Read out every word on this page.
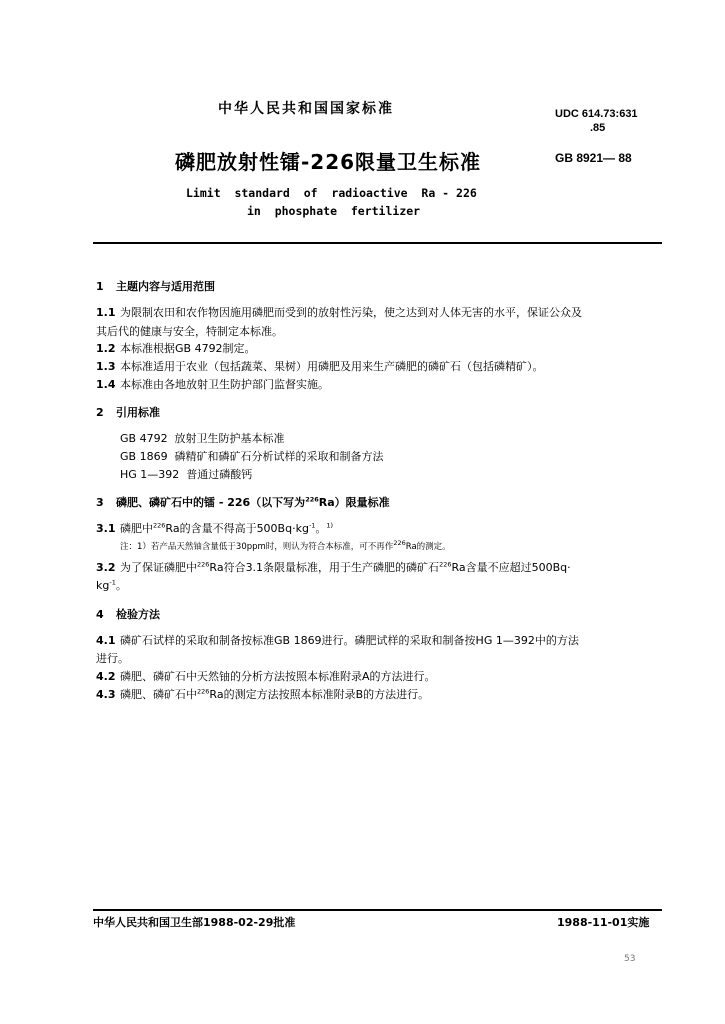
中华人民共和国国家标准	UDC 614.73:631
.85
磷肥放射性镭-226限量卫生标准	GB 8921— 88
Limit  standard  of  radioactive  Ra - 226
in  phosphate  fertilizer
1 主题内容与适用范围
1.1 为限制农田和农作物因施用磷肥而受到的放射性污染，使之达到对人体无害的水平，保证公众及
其后代的健康与安全，特制定本标准。
1.2 本标准根据GB 4792制定。
1.3 本标准适用于农业（包括蔬菜、果树）用磷肥及用来生产磷肥的磷矿石（包括磷精矿）。
1.4 本标准由各地放射卫生防护部门监督实施。
2 引用标准
GB 4792  放射卫生防护基本标准
GB 1869  磷精矿和磷矿石分析试样的采取和制备方法
HG 1—392  普通过磷酸钙
3 磷肥、磷矿石中的镭 - 226（以下写为$^{226}$Ra）限量标准
3.1 磷肥中$^{226}$Ra的含量不得高于$500Bq\cdot kg^{-1}$。$^{1)}$
注：1）若产品天然铀含量低于30ppm时，则认为符合本标准，可不再作$^{226}$Ra的测定。
3.2 为了保证磷肥中$^{226}$Ra符合3.1条限量标准，用于生产磷肥的磷矿石$^{226}$Ra含量不应超过500Bq·
$kg^{-1}$。
4 检验方法
4.1 磷矿石试样的采取和制备按标准GB 1869进行。磷肥试样的采取和制备按HG 1—392中的方法
进行。
4.2 磷肥、磷矿石中天然铀的分析方法按照本标准附录A的方法进行。
4.3 磷肥、磷矿石中$^{226}$Ra的测定方法按照本标准附录B的方法进行。
中华人民共和国卫生部1988-02-29批准	1988-11-01实施
53
